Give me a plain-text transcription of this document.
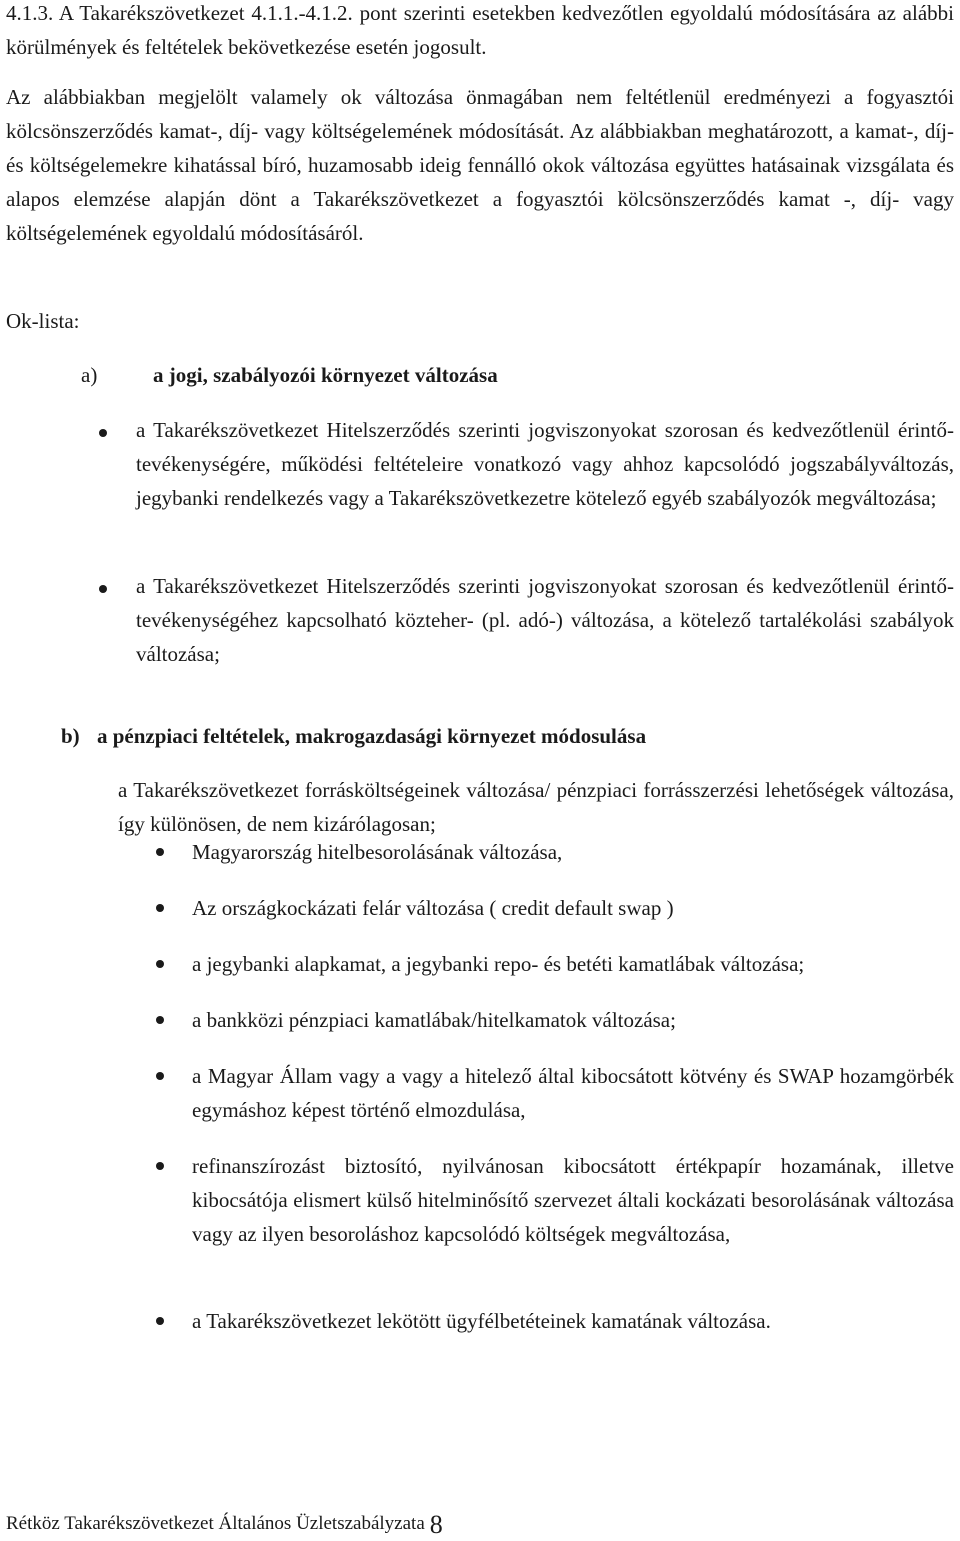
4.1.3. A Takarékszövetkezet 4.1.1.-4.1.2. pont szerinti esetekben kedvezőtlen egyoldalú módosítására az alábbi körülmények és feltételek bekövetkezése esetén jogosult.

Az alábbiakban megjelölt valamely ok változása önmagában nem feltétlenül eredményezi a fogyasztói kölcsönszerződés kamat-, díj- vagy költségelemének módosítását. Az alábbiakban meghatározott, a kamat-, díj- és költségelemekre kihatással bíró, huzamosabb ideig fennálló okok változása együttes hatásainak vizsgálata és alapos elemzése alapján dönt a Takarékszövetkezet a fogyasztói kölcsönszerződés kamat -, díj- vagy költségelemének egyoldalú módosításáról.

Ok-lista:

a)	a jogi, szabályozói környezet változása

a Takarékszövetkezet Hitelszerződés szerinti jogviszonyokat szorosan és kedvezőtlenül érintő-tevékenységére, működési feltételeire vonatkozó vagy ahhoz kapcsolódó jogszabályváltozás, jegybanki rendelkezés vagy a Takarékszövetkezetre kötelező egyéb szabályozók megváltozása;

a Takarékszövetkezet Hitelszerződés szerinti jogviszonyokat szorosan és kedvezőtlenül érintő-tevékenységéhez kapcsolható közteher- (pl. adó-) változása, a kötelező tartalékolási szabályok változása;

b) a pénzpiaci feltételek, makrogazdasági környezet módosulása

a Takarékszövetkezet forrásköltségeinek változása/ pénzpiaci forrásszerzési lehetőségek változása, így különösen, de nem kizárólagosan;

Magyarország hitelbesorolásának változása,

Az országkockázati felár változása ( credit default swap )

a jegybanki alapkamat, a jegybanki repo- és betéti kamatlábak változása;

a bankközi pénzpiaci kamatlábak/hitelkamatok változása;

a Magyar Állam vagy a vagy a hitelező által kibocsátott kötvény és SWAP hozamgörbék egymáshoz képest történő elmozdulása,

refinanszírozást biztosító, nyilvánosan kibocsátott értékpapír hozamának, illetve kibocsátója elismert külső hitelminősítő szervezet általi kockázati besorolásának változása vagy az ilyen besoroláshoz kapcsolódó költségek megváltozása,

a Takarékszövetkezet lekötött ügyfélbetéteinek kamatának változása.

Rétköz Takarékszövetkezet Általános Üzletszabályzata 8
